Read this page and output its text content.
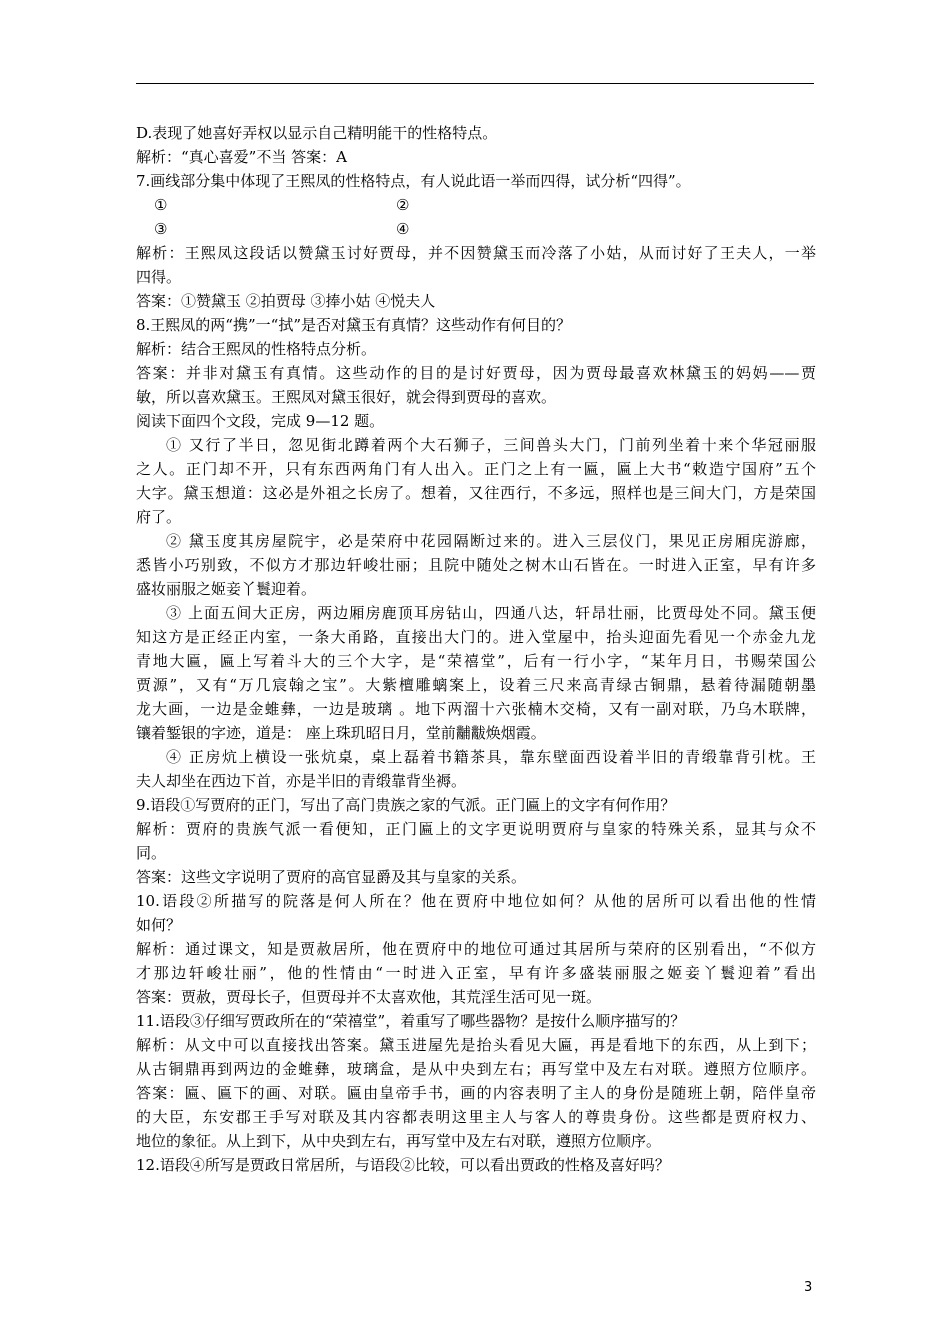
D.表现了她喜好弄权以显示自己精明能干的性格特点。
解析：“真心喜爱”不当 答案：A
7.画线部分集中体现了王熙凤的性格特点，有人说此语一举而四得，试分析“四得”。
①	②
③	④
解析：王熙凤这段话以赞黛玉讨好贾母，并不因赞黛玉而冷落了小姑，从而讨好了王夫人，一举
四得。
答案：①赞黛玉 ②拍贾母 ③捧小姑 ④悦夫人
8.王熙凤的两“携”一“拭”是否对黛玉有真情？这些动作有何目的？
解析：结合王熙凤的性格特点分析。
答案：并非对黛玉有真情。这些动作的目的是讨好贾母，因为贾母最喜欢林黛玉的妈妈——贾
敏，所以喜欢黛玉。王熙凤对黛玉很好，就会得到贾母的喜欢。
阅读下面四个文段，完成 9—12 题。
① 又行了半日，忽见街北蹲着两个大石狮子，三间兽头大门，门前列坐着十来个华冠丽服
之人。正门却不开，只有东西两角门有人出入。正门之上有一匾，匾上大书“敕造宁国府”五个
大字。黛玉想道：这必是外祖之长房了。想着，又往西行，不多远，照样也是三间大门，方是荣国
府了。
② 黛玉度其房屋院宇，必是荣府中花园隔断过来的。进入三层仪门，果见正房厢庑游廊，
悉皆小巧别致，不似方才那边轩峻壮丽；且院中随处之树木山石皆在。一时进入正室，早有许多
盛妆丽服之姬妾丫鬟迎着。
③ 上面五间大正房，两边厢房鹿顶耳房钻山，四通八达，轩昂壮丽，比贾母处不同。黛玉便
知这方是正经正内室，一条大甬路，直接出大门的。进入堂屋中，抬头迎面先看见一个赤金九龙
青地大匾，匾上写着斗大的三个大字，是“荣禧堂”，后有一行小字，“某年月日，书赐荣国公
贾源”，又有“万几宸翰之宝”。大紫檀雕螭案上，设着三尺来高青绿古铜鼎，悬着待漏随朝墨
龙大画，一边是金蜼彝，一边是玻璃 。地下两溜十六张楠木交椅，又有一副对联，乃乌木联牌，
镶着錾银的字迹，道是： 座上珠玑昭日月，堂前黼黻焕烟霞。
④ 正房炕上横设一张炕桌，桌上磊着书籍茶具，靠东壁面西设着半旧的青缎靠背引枕。王
夫人却坐在西边下首，亦是半旧的青缎靠背坐褥。
9.语段①写贾府的正门，写出了高门贵族之家的气派。正门匾上的文字有何作用？
解析：贾府的贵族气派一看便知，正门匾上的文字更说明贾府与皇家的特殊关系，显其与众不
同。
答案：这些文字说明了贾府的高官显爵及其与皇家的关系。
10.语段②所描写的院落是何人所在？他在贾府中地位如何？从他的居所可以看出他的性情
如何？
解析：通过课文，知是贾赦居所，他在贾府中的地位可通过其居所与荣府的区别看出，“不似方
才那边轩峻壮丽”，他的性情由“一时进入正室，早有许多盛装丽服之姬妾丫鬟迎着”看出
答案：贾赦，贾母长子，但贾母并不太喜欢他，其荒淫生活可见一斑。
11.语段③仔细写贾政所在的“荣禧堂”，着重写了哪些器物？是按什么顺序描写的？
解析：从文中可以直接找出答案。黛玉进屋先是抬头看见大匾，再是看地下的东西，从上到下；
从古铜鼎再到两边的金蜼彝，玻璃盒，是从中央到左右；再写堂中及左右对联。遵照方位顺序。
答案：匾、匾下的画、对联。匾由皇帝手书，画的内容表明了主人的身份是随班上朝，陪伴皇帝
的大臣，东安郡王手写对联及其内容都表明这里主人与客人的尊贵身份。这些都是贾府权力、
地位的象征。从上到下，从中央到左右，再写堂中及左右对联，遵照方位顺序。
12.语段④所写是贾政日常居所，与语段②比较，可以看出贾政的性格及喜好吗？
3
